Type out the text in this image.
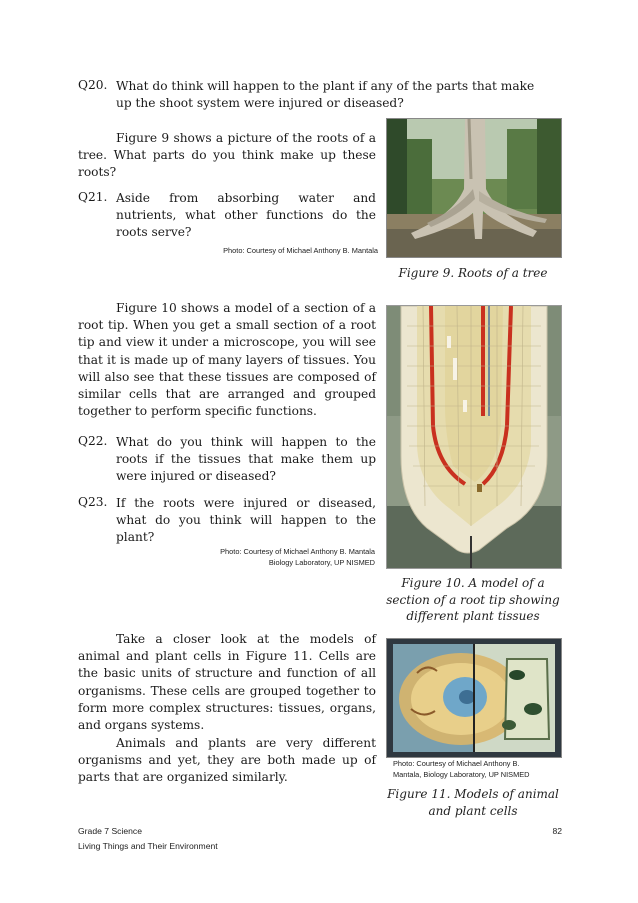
Q20. What do think will happen to the plant if any of the parts that make
up the shoot system were injured or diseased?
Figure 9 shows a picture of the roots of a tree. What parts do you think make up these roots?
Q21. Aside from absorbing water and nutrients, what other functions do the roots serve?
Photo: Courtesy of Michael Anthony B. Mantala
Figure 9. Roots of a tree
Figure 10 shows a model of a section of a root tip. When you get a small section of a root tip and view it under a microscope, you will see that it is made up of many layers of tissues. You will also see that these tissues are composed of similar cells that are arranged and grouped together to perform specific functions.
Q22. What do you think will happen to the roots if the tissues that make them up were injured or diseased?
Q23. If the roots were injured or diseased, what do you think will happen to the plant?
Photo: Courtesy of Michael Anthony B. Mantala
Biology Laboratory, UP NISMED
Figure 10. A model of a
section of a root tip showing
different plant tissues
Take a closer look at the models of animal and plant cells in Figure 11. Cells are the basic units of structure and function of all organisms. These cells are grouped together to form more complex structures: tissues, organs, and organs systems.
Animals and plants are very different organisms and yet, they are both made up of parts that are organized similarly.
Photo: Courtesy of Michael Anthony B.
Mantala, Biology Laboratory, UP NISMED
Figure 11. Models of animal
and plant cells
Grade 7 Science
Living Things and Their Environment
82
